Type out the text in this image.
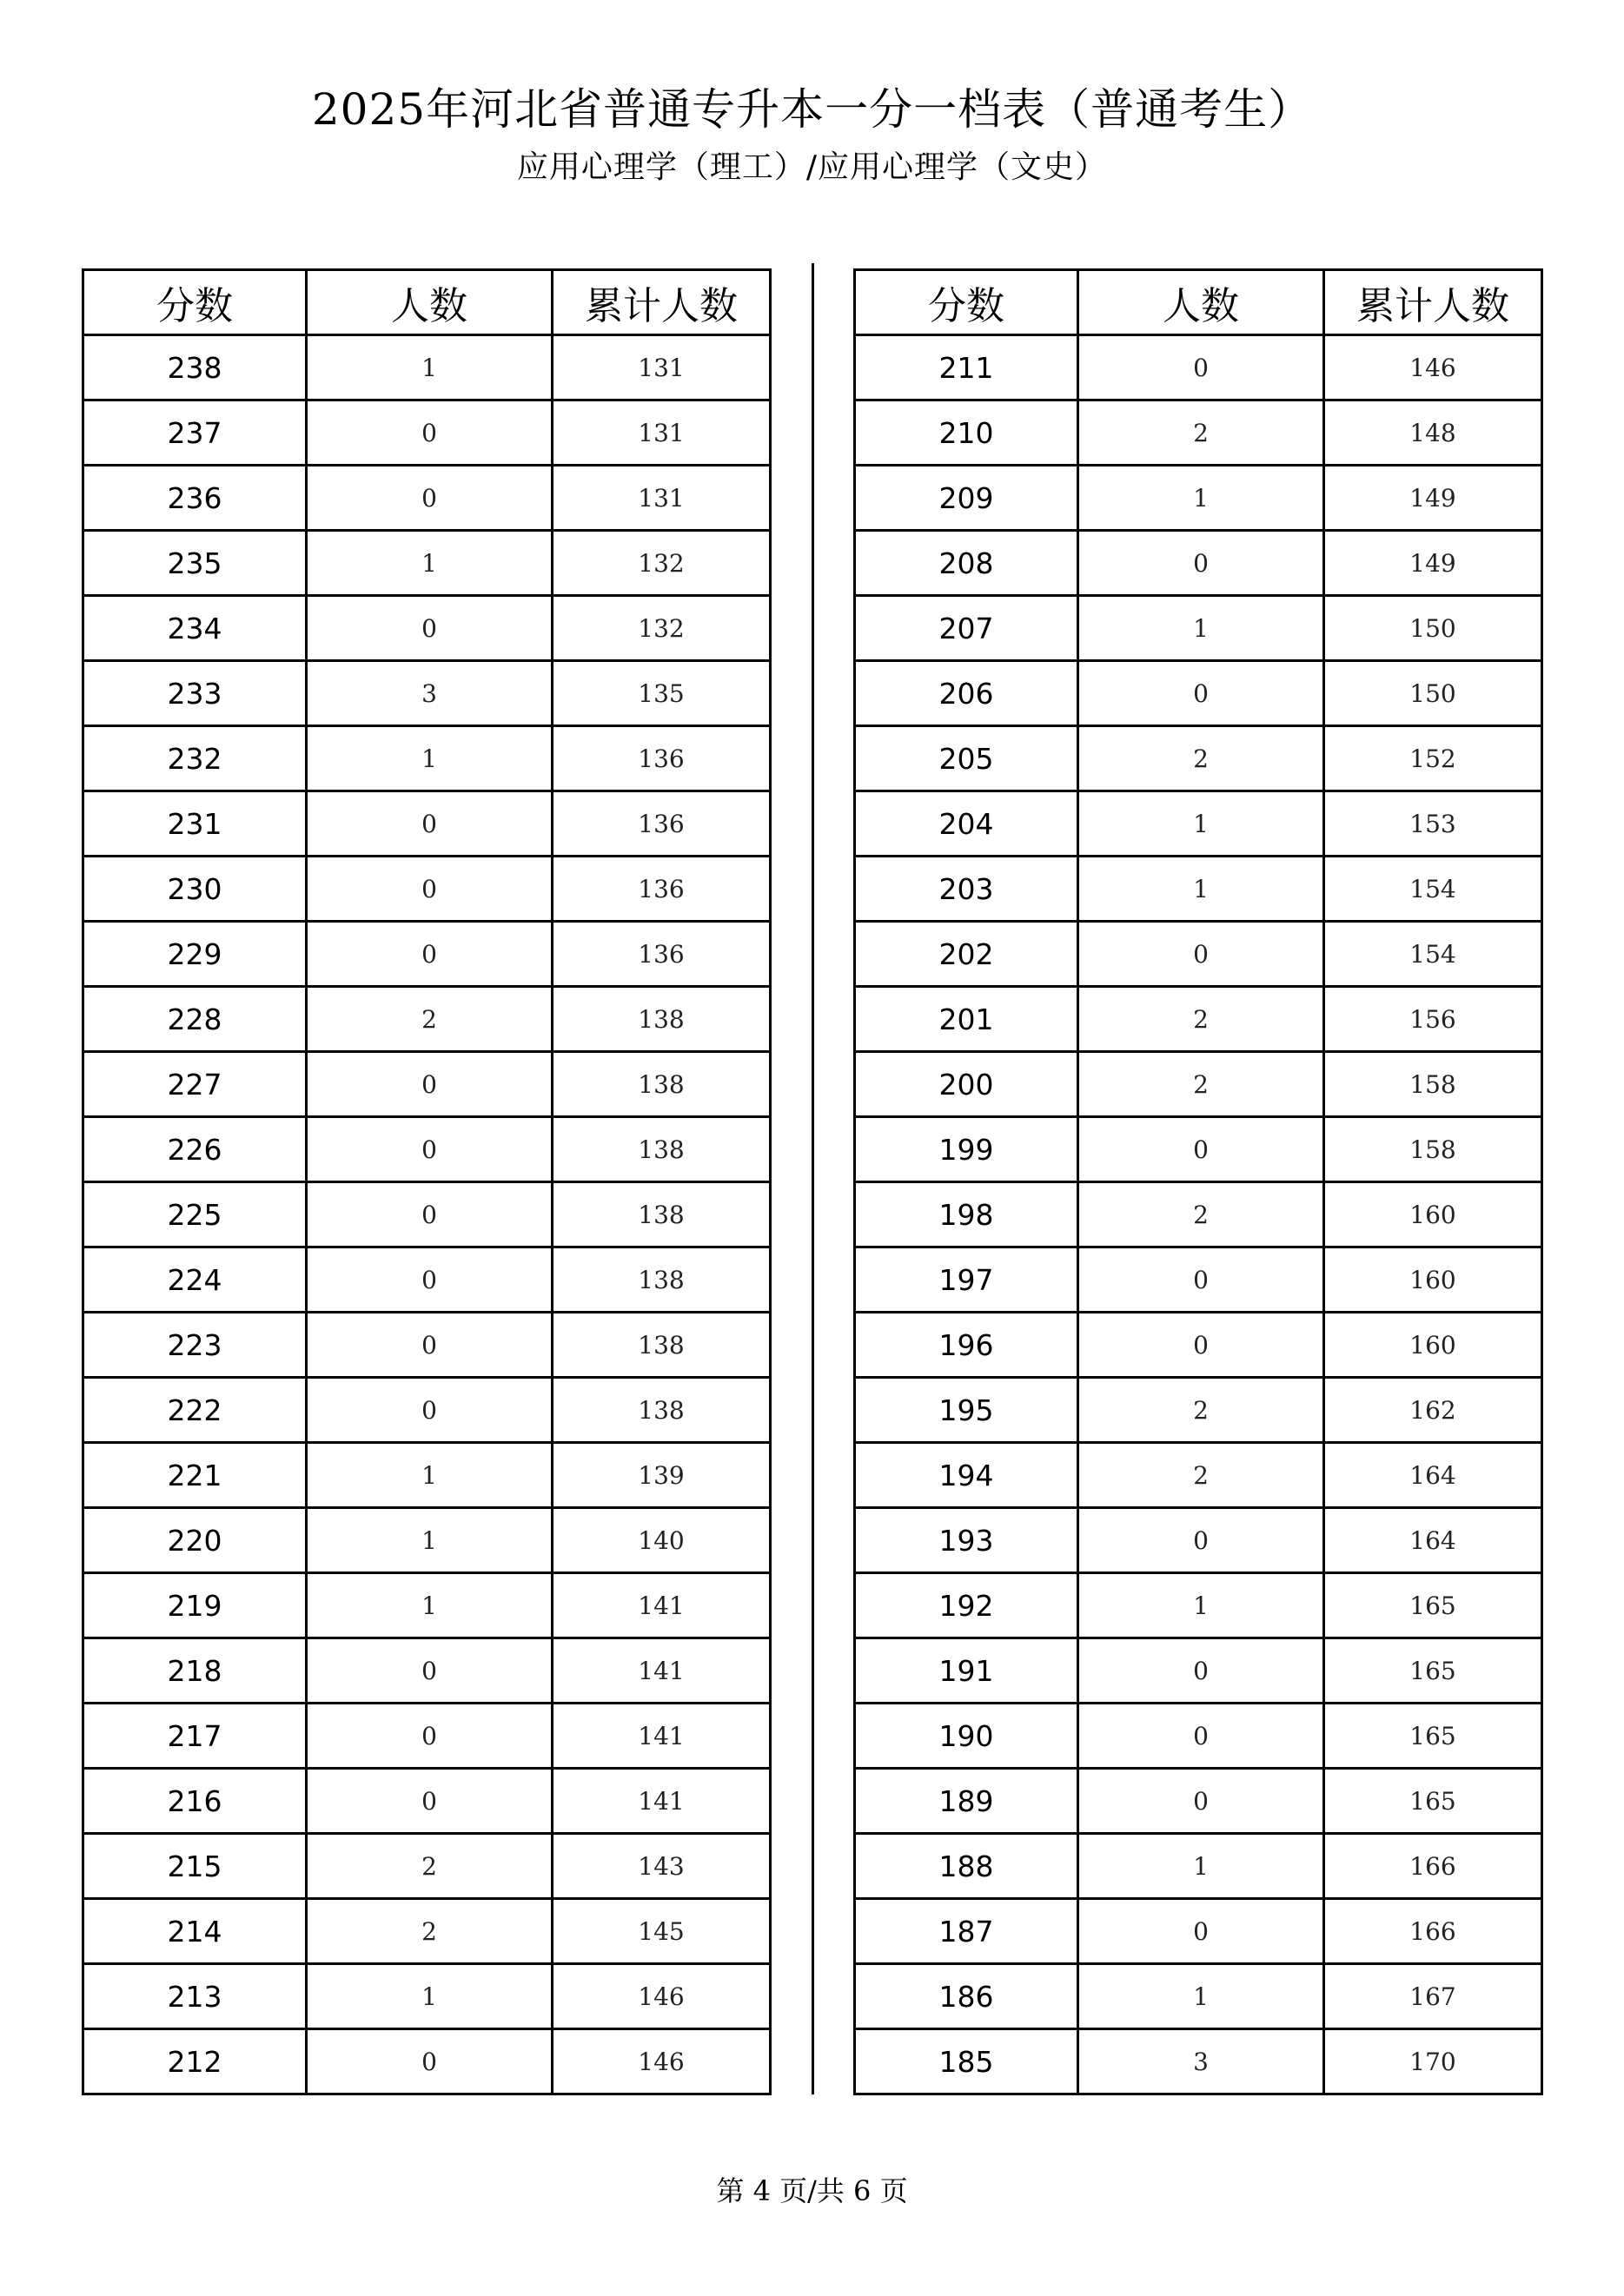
2025年河北省普通专升本一分一档表（普通考生）
应用心理学（理工）/应用心理学（文史）
分数	人数	累计人数
238	1	131
237	0	131
236	0	131
235	1	132
234	0	132
233	3	135
232	1	136
231	0	136
230	0	136
229	0	136
228	2	138
227	0	138
226	0	138
225	0	138
224	0	138
223	0	138
222	0	138
221	1	139
220	1	140
219	1	141
218	0	141
217	0	141
216	0	141
215	2	143
214	2	145
213	1	146
212	0	146
分数	人数	累计人数
211	0	146
210	2	148
209	1	149
208	0	149
207	1	150
206	0	150
205	2	152
204	1	153
203	1	154
202	0	154
201	2	156
200	2	158
199	0	158
198	2	160
197	0	160
196	0	160
195	2	162
194	2	164
193	0	164
192	1	165
191	0	165
190	0	165
189	0	165
188	1	166
187	0	166
186	1	167
185	3	170
第 4 页/共 6 页
